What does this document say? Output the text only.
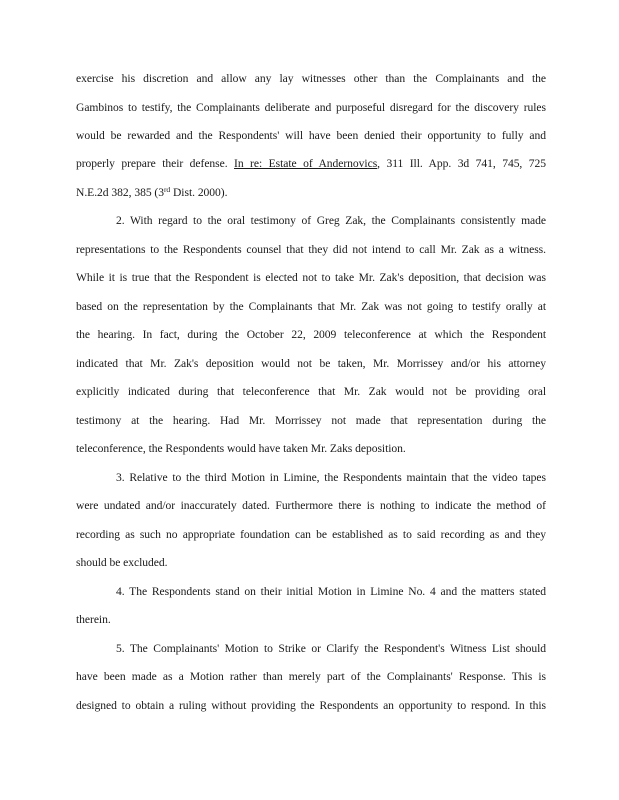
exercise his discretion and allow any lay witnesses other than the Complainants and the
Gambinos to testify, the Complainants deliberate and purposeful disregard for the discovery rules
would be rewarded and the Respondents' will have been denied their opportunity to fully and
properly prepare their defense. In re: Estate of Andernovics, 311 Ill. App. 3d 741, 745, 725
N.E.2d 382, 385 (3rd Dist. 2000).
2. With regard to the oral testimony of Greg Zak, the Complainants consistently made
representations to the Respondents counsel that they did not intend to call Mr. Zak as a witness.
While it is true that the Respondent is elected not to take Mr. Zak's deposition, that decision was
based on the representation by the Complainants that Mr. Zak was not going to testify orally at
the hearing. In fact, during the October 22, 2009 teleconference at which the Respondent
indicated that Mr. Zak's deposition would not be taken, Mr. Morrissey and/or his attorney
explicitly indicated during that teleconference that Mr. Zak would not be providing oral
testimony at the hearing. Had Mr. Morrissey not made that representation during the
teleconference, the Respondents would have taken Mr. Zaks deposition.
3. Relative to the third Motion in Limine, the Respondents maintain that the video tapes
were undated and/or inaccurately dated. Furthermore there is nothing to indicate the method of
recording as such no appropriate foundation can be established as to said recording as and they
should be excluded.
4. The Respondents stand on their initial Motion in Limine No. 4 and the matters stated
therein.
5. The Complainants' Motion to Strike or Clarify the Respondent's Witness List should
have been made as a Motion rather than merely part of the Complainants' Response. This is
designed to obtain a ruling without providing the Respondents an opportunity to respond. In this
